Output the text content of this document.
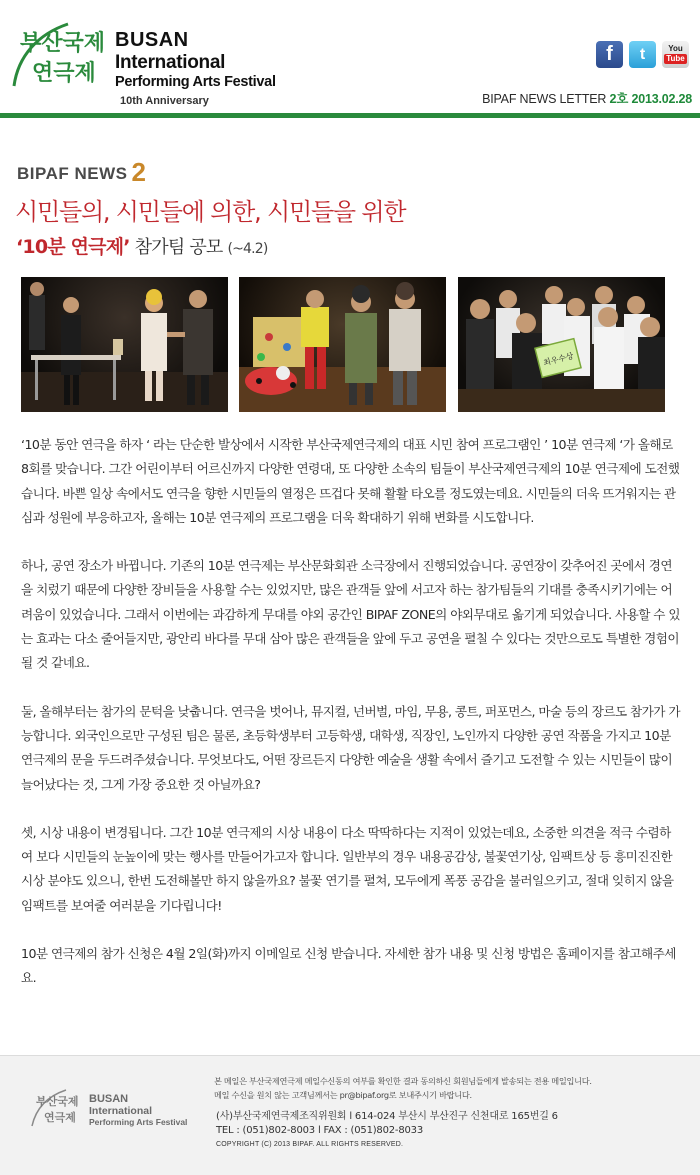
부산국제
연극제
BUSAN
International
Performing Arts Festival
10th Anniversary
f t	You
Tube
BIPAF NEWS LETTER 2호 2013.02.28
BIPAF NEWS 2
시민들의, 시민들에 의한, 시민들을 위한
‘10분 연극제’ 참가팀 공모 (~4.2)
최우수상

‘10분 동안 연극을 하자 ‘ 라는 단순한 발상에서 시작한 부산국제연극제의 대표 시민 참여 프로그램인 ’ 10분 연극제 ‘가 올해로 8회를 맞습니다. 그간 어린이부터 어르신까지 다양한 연령대, 또 다양한 소속의 팀들이 부산국제연극제의 10분 연극제에 도전했습니다. 바쁜 일상 속에서도 연극을 향한 시민들의 열정은 뜨겁다 못해 활활 타오를 정도였는데요. 시민들의 더욱 뜨거워지는 관심과 성원에 부응하고자, 올해는 10분 연극제의 프로그램을 더욱 확대하기 위해 변화를 시도합니다.

하나, 공연 장소가 바뀝니다. 기존의 10분 연극제는 부산문화회관 소극장에서 진행되었습니다. 공연장이 갖추어진 곳에서 경연을 치렀기 때문에 다양한 장비들을 사용할 수는 있었지만, 많은 관객들 앞에 서고자 하는 참가팀들의 기대를 충족시키기에는 어려움이 있었습니다. 그래서 이번에는 과감하게 무대를 야외 공간인 BIPAF ZONE의 야외무대로 옮기게 되었습니다. 사용할 수 있는 효과는 다소 줄어들지만, 광안리 바다를 무대 삼아 많은 관객들을 앞에 두고 공연을 펼칠 수 있다는 것만으로도 특별한 경험이 될 것 같네요.

둘, 올해부터는 참가의 문턱을 낮춥니다. 연극을 벗어나, 뮤지컬, 넌버벌, 마임, 무용, 콩트, 퍼포먼스, 마술 등의 장르도 참가가 가능합니다. 외국인으로만 구성된 팀은 물론, 초등학생부터 고등학생, 대학생, 직장인, 노인까지 다양한 공연 작품을 가지고 10분 연극제의 문을 두드려주셨습니다. 무엇보다도, 어떤 장르든지 다양한 예술을 생활 속에서 즐기고 도전할 수 있는 시민들이 많이 늘어났다는 것, 그게 가장 중요한 것 아닐까요?

셋, 시상 내용이 변경됩니다. 그간 10분 연극제의 시상 내용이 다소 딱딱하다는 지적이 있었는데요, 소중한 의견을 적극 수렴하여 보다 시민들의 눈높이에 맞는 행사를 만들어가고자 합니다. 일반부의 경우 내용공감상, 불꽃연기상, 임팩트상 등 흥미진진한 시상 분야도 있으니, 한번 도전해볼만 하지 않을까요? 불꽃 연기를 펼쳐, 모두에게 폭풍 공감을 불러일으키고, 절대 잊히지 않을 임팩트를 보여줄 여러분을 기다립니다!

10분 연극제의 참가 신청은 4월 2일(화)까지 이메일로 신청 받습니다. 자세한 참가 내용 및 신청 방법은 홈페이지를 참고해주세요.

부산국제
연극제
BUSAN
International
Performing Arts Festival
본 메일은 부산국제연극제 메일수신동의 여부를 확인한 결과 동의하신 회원님들에게 발송되는 전용 메일입니다.
메일 수신을 원치 않는 고객님께서는 pr@bipaf.org로 보내주시기 바랍니다.
(사)부산국제연극제조직위원회 l 614-024 부산시 부산진구 신천대로 165번길 6
TEL : (051)802-8003 l FAX : (051)802-8033
COPYRIGHT (C) 2013 BIPAF. ALL RIGHTS RESERVED.
